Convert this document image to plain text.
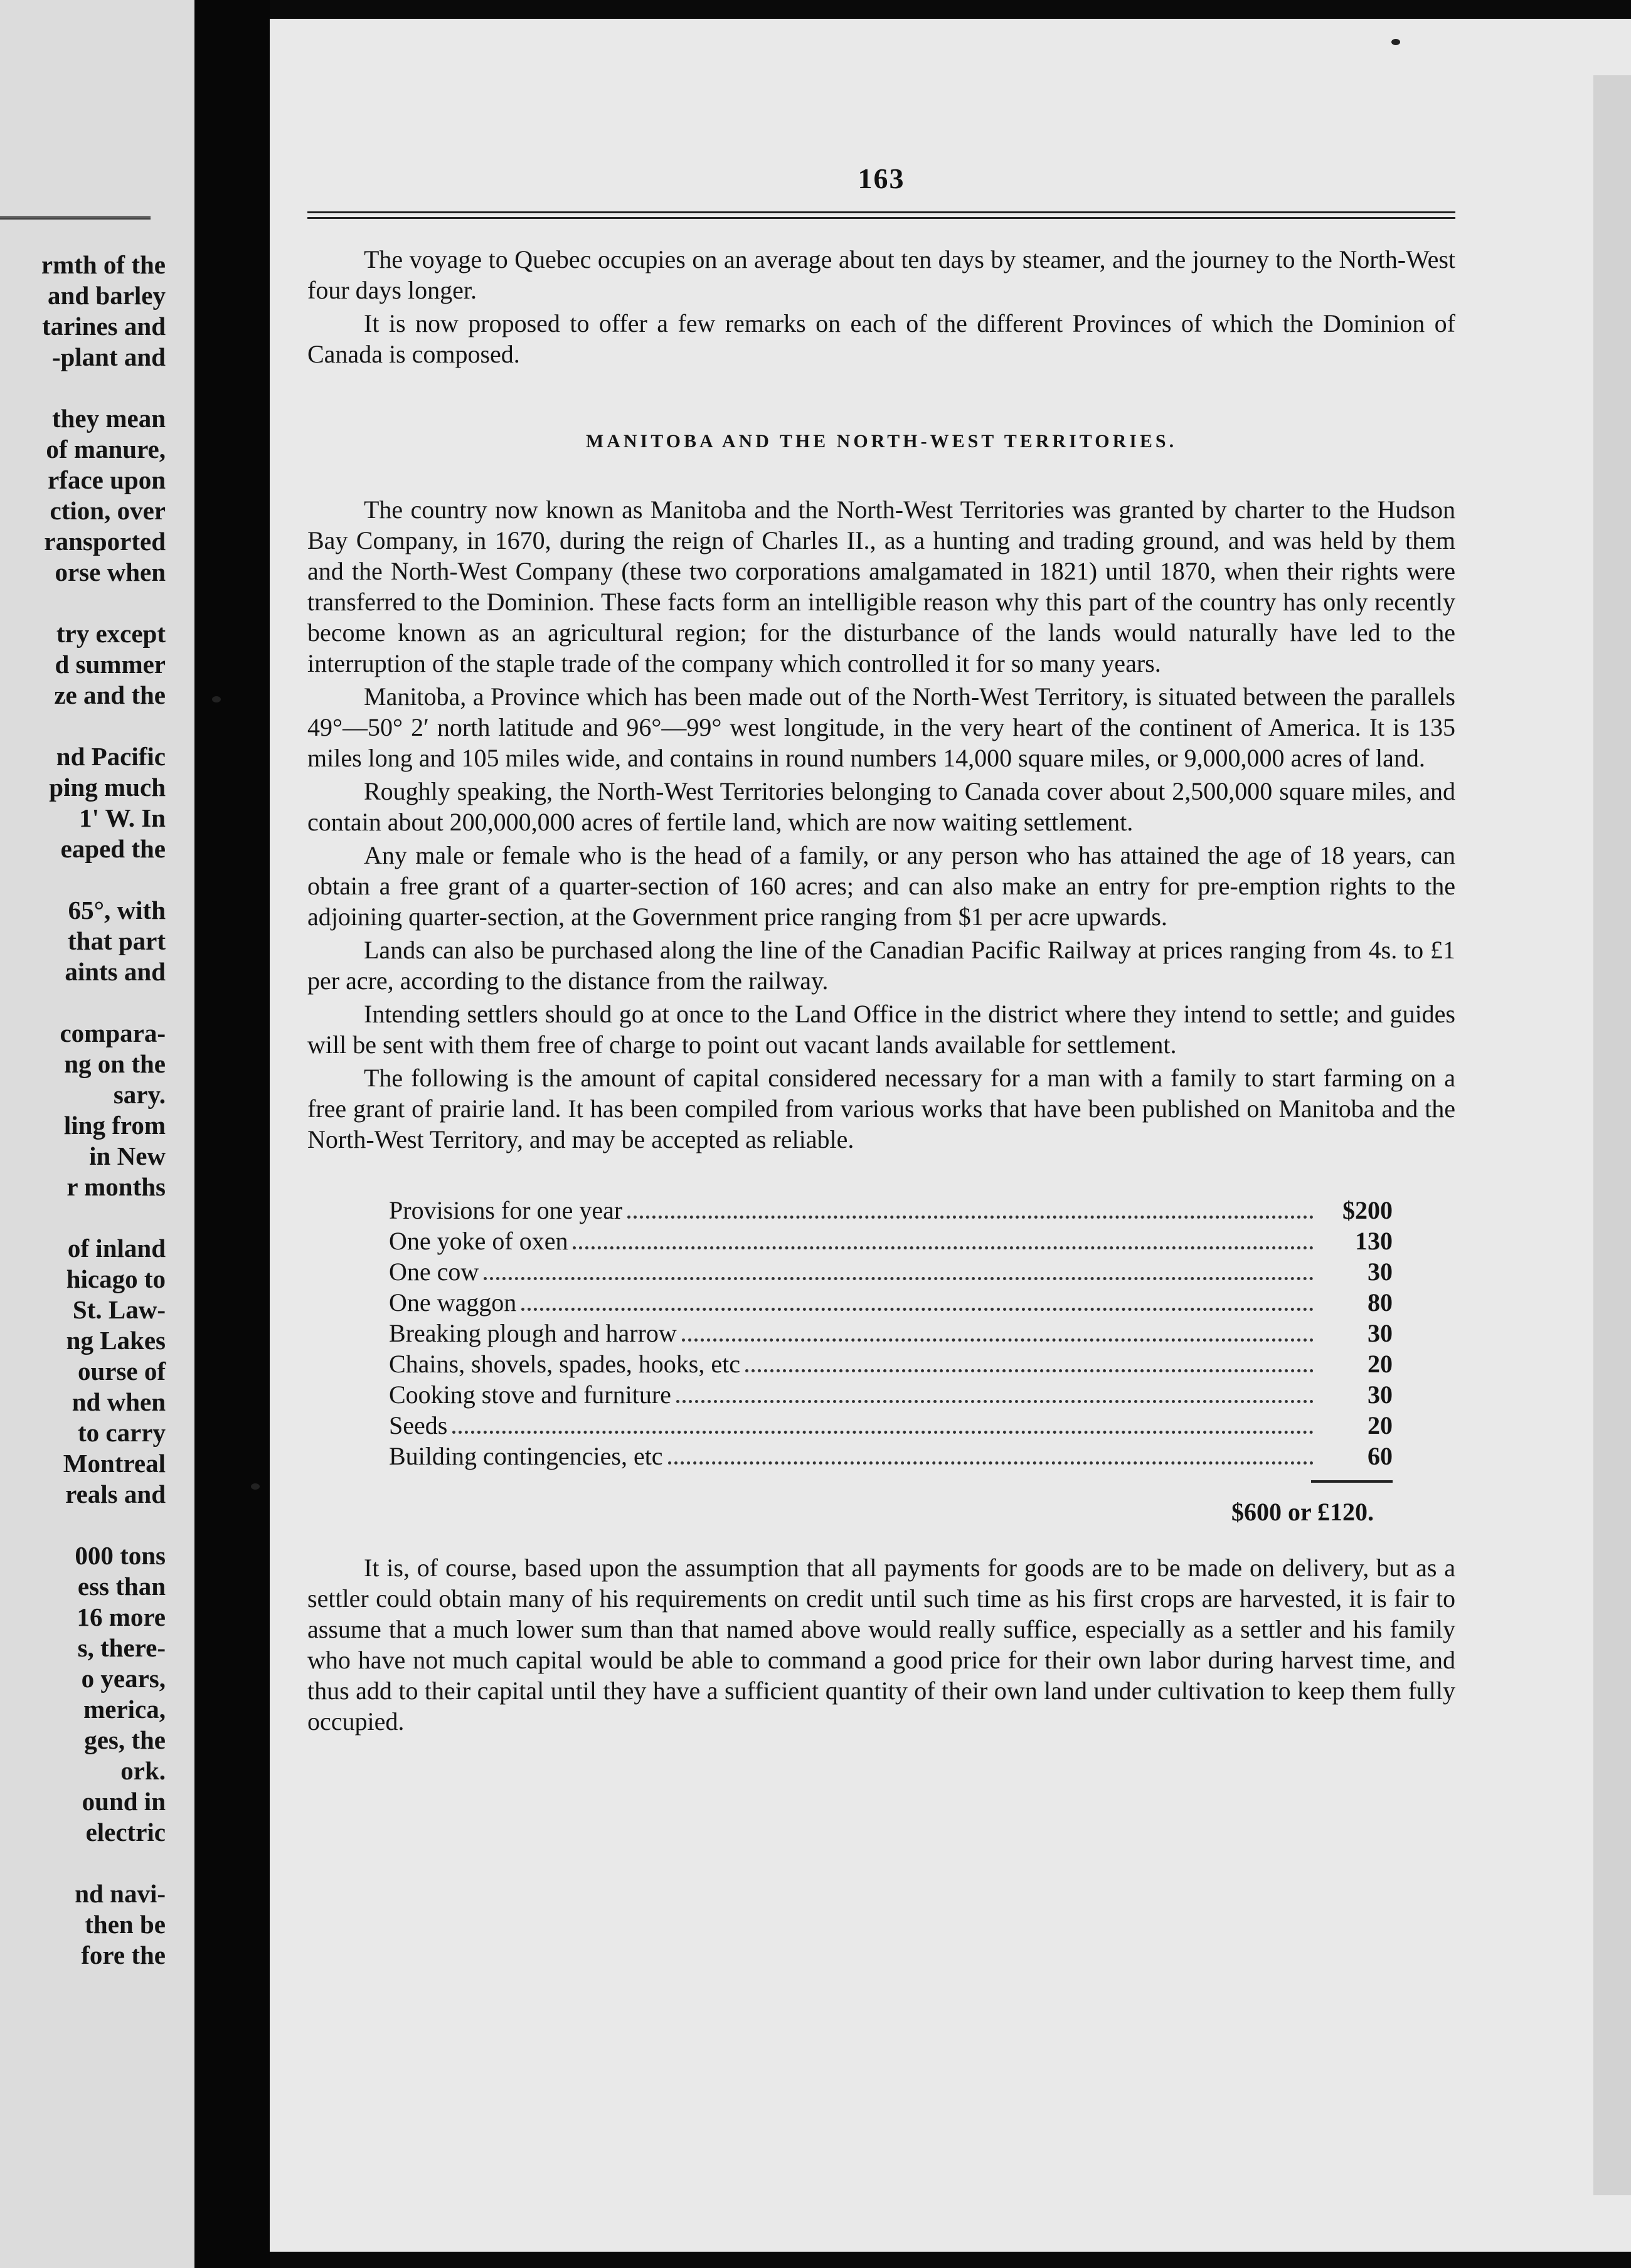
rmth of the
and barley
tarines and
-plant and
they mean
of manure,
rface upon
ction, over
ransported
orse when
try except
d summer
ze and the
nd Pacific
ping much
1' W. In
eaped the
65°, with
that part
aints and
compara-
ng on the
sary.
ling from
in New
r months
of inland
hicago to
St. Law-
ng Lakes
ourse of
nd when
to carry
Montreal
reals and
000 tons
ess than
16 more
s, there-
o years,
merica,
ges, the
ork.
ound in
electric
nd navi-
then be
fore the
163

The voyage to Quebec occupies on an average about ten days by steamer, and the journey to the North-West four days longer.

It is now proposed to offer a few remarks on each of the different Provinces of which the Dominion of Canada is composed.

MANITOBA AND THE NORTH-WEST TERRITORIES.

The country now known as Manitoba and the North-West Territories was granted by charter to the Hudson Bay Company, in 1670, during the reign of Charles II., as a hunting and trading ground, and was held by them and the North-West Company (these two corporations amalgamated in 1821) until 1870, when their rights were transferred to the Dominion. These facts form an intelligible reason why this part of the country has only recently become known as an agricultural region; for the disturbance of the lands would naturally have led to the interruption of the staple trade of the company which controlled it for so many years.

Manitoba, a Province which has been made out of the North-West Territory, is situated between the parallels 49°—50° 2′ north latitude and 96°—99° west longitude, in the very heart of the continent of America. It is 135 miles long and 105 miles wide, and contains in round numbers 14,000 square miles, or 9,000,000 acres of land.

Roughly speaking, the North-West Territories belonging to Canada cover about 2,500,000 square miles, and contain about 200,000,000 acres of fertile land, which are now waiting settlement.

Any male or female who is the head of a family, or any person who has attained the age of 18 years, can obtain a free grant of a quarter-section of 160 acres; and can also make an entry for pre-emption rights to the adjoining quarter-section, at the Government price ranging from $1 per acre upwards.

Lands can also be purchased along the line of the Canadian Pacific Railway at prices ranging from 4s. to £1 per acre, according to the distance from the railway.

Intending settlers should go at once to the Land Office in the district where they intend to settle; and guides will be sent with them free of charge to point out vacant lands available for settlement.

The following is the amount of capital considered necessary for a man with a family to start farming on a free grant of prairie land. It has been compiled from various works that have been published on Manitoba and the North-West Territory, and may be accepted as reliable.

Provisions for one year	$200
One yoke of oxen	130
One cow	30
One waggon	80
Breaking plough and harrow	30
Chains, shovels, spades, hooks, etc	20
Cooking stove and furniture	30
Seeds	20
Building contingencies, etc	60
$600 or £120.

It is, of course, based upon the assumption that all payments for goods are to be made on delivery, but as a settler could obtain many of his requirements on credit until such time as his first crops are harvested, it is fair to assume that a much lower sum than that named above would really suffice, especially as a settler and his family who have not much capital would be able to command a good price for their own labor during harvest time, and thus add to their capital until they have a sufficient quantity of their own land under cultivation to keep them fully occupied.
